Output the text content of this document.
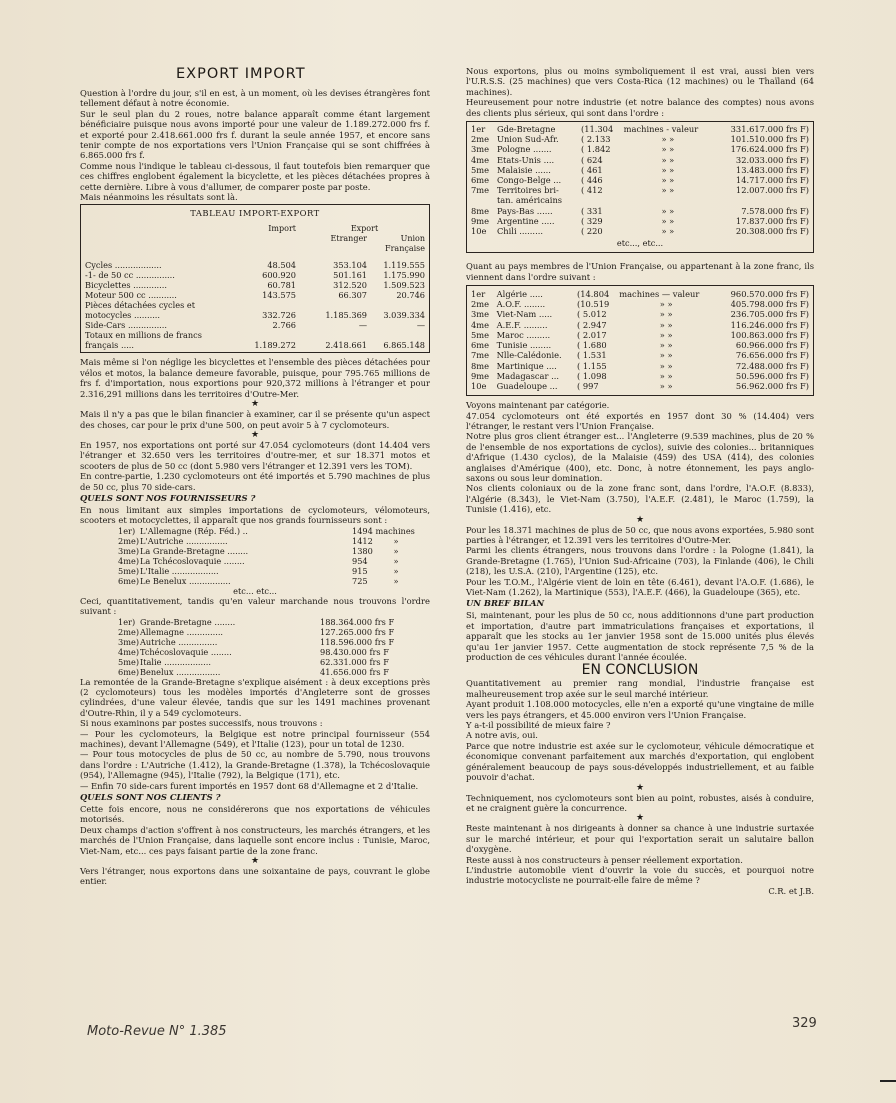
EXPORT IMPORT

Question à l'ordre du jour, s'il en est, à un moment, où les devises étrangères font tellement défaut à notre économie.

Sur le seul plan du 2 roues, notre balance apparaît comme étant largement bénéficiaire puisque nous avons importé pour une valeur de 1.189.272.000 frs f. et exporté pour 2.418.661.000 frs f. durant la seule année 1957, et encore sans tenir compte de nos exportations vers l'Union Française qui se sont chiffrées à 6.865.000 frs f.

Comme nous l'indique le tableau ci-dessous, il faut toutefois bien remarquer que ces chiffres englobent également la bicyclette, et les pièces détachées propres à cette dernière. Libre à vous d'allumer, de comparer poste par poste.

Mais néanmoins les résultats sont là.

TABLEAU IMPORT-EXPORT
	Import	Export	
		Etranger	Union Française

Cycles ..................	48.504	353.104	1.119.555
-1- de 50 cc ...............	600.920	501.161	1.175.990
Bicyclettes .............	60.781	312.520	1.509.523
Moteur 500 cc ...........	143.575	66.307	20.746
Pièces détachées cycles et motocycles ..........	332.726	1.185.369	3.039.334
Side-Cars ...............	2.766	—	—
Totaux en millions de francs français .....	1.189.272	2.418.661	6.865.148

Mais même si l'on néglige les bicyclettes et l'ensemble des pièces détachées pour vélos et motos, la balance demeure favorable, puisque, pour 795.765 millions de frs f. d'importation, nous exportions pour 920,372 millions à l'étranger et pour 2.316,291 millions dans les territoires d'Outre-Mer.

★

Mais il n'y a pas que le bilan financier à examiner, car il se présente qu'un aspect des choses, car pour le prix d'une 500, on peut avoir 5 à 7 cyclomoteurs.

★

En 1957, nos exportations ont porté sur 47.054 cyclomoteurs (dont 14.404 vers l'étranger et 32.650 vers les territoires d'outre-mer, et sur 18.371 motos et scooters de plus de 50 cc (dont 5.980 vers l'étranger et 12.391 vers les TOM).

En contre-partie, 1.230 cyclomoteurs ont été importés et 5.790 machines de plus de 50 cc, plus 70 side-cars.

QUELS SONT NOS FOURNISSEURS ?

En nous limitant aux simples importations de cyclomoteurs, vélomoteurs, scooters et motocyclettes, il apparaît que nos grands fournisseurs sont :

1er) L'Allemagne (Rép. Féd.) ..	1494 machines
2me) L'Autriche ................	1412	»
3me) La Grande-Bretagne ........	1380	»
4me) La Tchécoslovaquie ........	954	»
5me) L'Italie ..................	915	»
6me) Le Benelux ................	725	»
etc... etc...

Ceci, quantitativement, tandis qu'en valeur marchande nous trouvons l'ordre suivant :

1er) Grande-Bretagne ........	188.364.000 frs F
2me) Allemagne ..............	127.265.000 frs F
3me) Autriche ...............	118.596.000 frs F
4me) Tchécoslovaquie ........	98.430.000 frs F
5me) Italie ..................	62.331.000 frs F
6me) Benelux .................	41.656.000 frs F

La remontée de la Grande-Bretagne s'explique aisément : à deux exceptions près (2 cyclomoteurs) tous les modèles importés d'Angleterre sont de grosses cylindrées, d'une valeur élevée, tandis que sur les 1491 machines provenant d'Outre-Rhin, il y a 549 cyclomoteurs.

Si nous examinons par postes successifs, nous trouvons :

— Pour les cyclomoteurs, la Belgique est notre principal fournisseur (554 machines), devant l'Allemagne (549), et l'Italie (123), pour un total de 1230.

— Pour tous motocycles de plus de 50 cc, au nombre de 5.790, nous trouvons dans l'ordre : L'Autriche (1.412), la Grande-Bretagne (1.378), la Tchécoslovaquie (954), l'Allemagne (945), l'Italie (792), la Belgique (171), etc.

— Enfin 70 side-cars furent importés en 1957 dont 68 d'Allemagne et 2 d'Italie.

QUELS SONT NOS CLIENTS ?

Cette fois encore, nous ne considérerons que nos exportations de véhicules motorisés.

Deux champs d'action s'offrent à nos constructeurs, les marchés étrangers, et les marchés de l'Union Française, dans laquelle sont encore inclus : Tunisie, Maroc, Viet-Nam, etc... ces pays faisant partie de la zone franc.

★

Vers l'étranger, nous exportons dans une soixantaine de pays, couvrant le globe entier.

Nous exportons, plus ou moins symboliquement il est vrai, aussi bien vers l'U.R.S.S. (25 machines) que vers Costa-Rica (12 machines) ou le Thaïland (64 machines).

Heureusement pour notre industrie (et notre balance des comptes) nous avons des clients plus sérieux, qui sont dans l'ordre :

1er	Gde-Bretagne	(11.304	machines - valeur	331.617.000 frs F)
2me	Union Sud-Afr.	( 2.133	» »	101.510.000 frs F)
3me	Pologne .......	( 1.842	» »	176.624.000 frs F)
4me	Etats-Unis ....	( 624	» »	32.033.000 frs F)
5me	Malaisie ......	( 461	» »	13.483.000 frs F)
6me	Congo-Belge ...	( 446	» »	14.717.000 frs F)
7me	Territoires bri- tan. américains	( 412	» »	12.007.000 frs F)
8me	Pays-Bas ......	( 331	» »	7.578.000 frs F)
9me	Argentine .....	( 329	» »	17.837.000 frs F)
10e	Chili .........	( 220	» »	20.308.000 frs F)
etc..., etc...

Quant au pays membres de l'Union Française, ou appartenant à la zone franc, ils viennent dans l'ordre suivant :

1er	Algérie .....	(14.804	machines — valeur	960.570.000 frs F)
2me	A.O.F. ........	(10.519	» »	405.798.000 frs F)
3me	Viet-Nam .....	( 5.012	» »	236.705.000 frs F)
4me	A.E.F. .........	( 2.947	» »	116.246.000 frs F)
5me	Maroc .........	( 2.017	» »	100.863.000 frs F)
6me	Tunisie ........	( 1.680	» »	60.966.000 frs F)
7me	Nlle-Calédonie.	( 1.531	» »	76.656.000 frs F)
8me	Martinique ....	( 1.155	» »	72.488.000 frs F)
9me	Madagascar ...	( 1.098	» »	50.596.000 frs F)
10e	Guadeloupe ...	( 997	» »	56.962.000 frs F)

Voyons maintenant par catégorie.

47.054 cyclomoteurs ont été exportés en 1957 dont 30 % (14.404) vers l'étranger, le restant vers l'Union Française.

Notre plus gros client étranger est... l'Angleterre (9.539 machines, plus de 20 % de l'ensemble de nos exportations de cyclos), suivie des colonies... britanniques d'Afrique (1.430 cyclos), de la Malaisie (459) des USA (414), des colonies anglaises d'Amérique (400), etc. Donc, à notre étonnement, les pays anglo-saxons ou sous leur domination.

Nos clients coloniaux ou de la zone franc sont, dans l'ordre, l'A.O.F. (8.833), l'Algérie (8.343), le Viet-Nam (3.750), l'A.E.F. (2.481), le Maroc (1.759), la Tunisie (1.416), etc.

★

Pour les 18.371 machines de plus de 50 cc, que nous avons exportées, 5.980 sont parties à l'étranger, et 12.391 vers les territoires d'Outre-Mer.

Parmi les clients étrangers, nous trouvons dans l'ordre : la Pologne (1.841), la Grande-Bretagne (1.765), l'Union Sud-Africaine (703), la Finlande (406), le Chili (218), les U.S.A. (210), l'Argentine (125), etc.

Pour les T.O.M., l'Algérie vient de loin en tête (6.461), devant l'A.O.F. (1.686), le Viet-Nam (1.262), la Martinique (553), l'A.E.F. (466), la Guadeloupe (365), etc.

UN BREF BILAN

Si, maintenant, pour les plus de 50 cc, nous additionnons d'une part production et importation, d'autre part immatriculations françaises et exportations, il apparaît que les stocks au 1er janvier 1958 sont de 15.000 unités plus élevés qu'au 1er janvier 1957. Cette augmentation de stock représente 7,5 % de la production de ces véhicules durant l'année écoulée.

EN CONCLUSION

Quantitativement au premier rang mondial, l'industrie française est malheureusement trop axée sur le seul marché intérieur.

Ayant produit 1.108.000 motocycles, elle n'en a exporté qu'une vingtaine de mille vers les pays étrangers, et 45.000 environ vers l'Union Française.

Y a-t-il possibilité de mieux faire ?

A notre avis, oui.

Parce que notre industrie est axée sur le cyclomoteur, véhicule démocratique et économique convenant parfaitement aux marchés d'exportation, qui englobent généralement beaucoup de pays sous-développés industriellement, et au faible pouvoir d'achat.

★

Techniquement, nos cyclomoteurs sont bien au point, robustes, aisés à conduire, et ne craignent guère la concurrence.

★

Reste maintenant à nos dirigeants à donner sa chance à une industrie surtaxée sur le marché intérieur, et pour qui l'exportation serait un salutaire ballon d'oxygène.

Reste aussi à nos constructeurs à penser réellement exportation.

L'industrie automobile vient d'ouvrir la voie du succès, et pourquoi notre industrie motocycliste ne pourrait-elle faire de même ?

C.R. et J.B.
Moto-Revue N° 1.385
329
